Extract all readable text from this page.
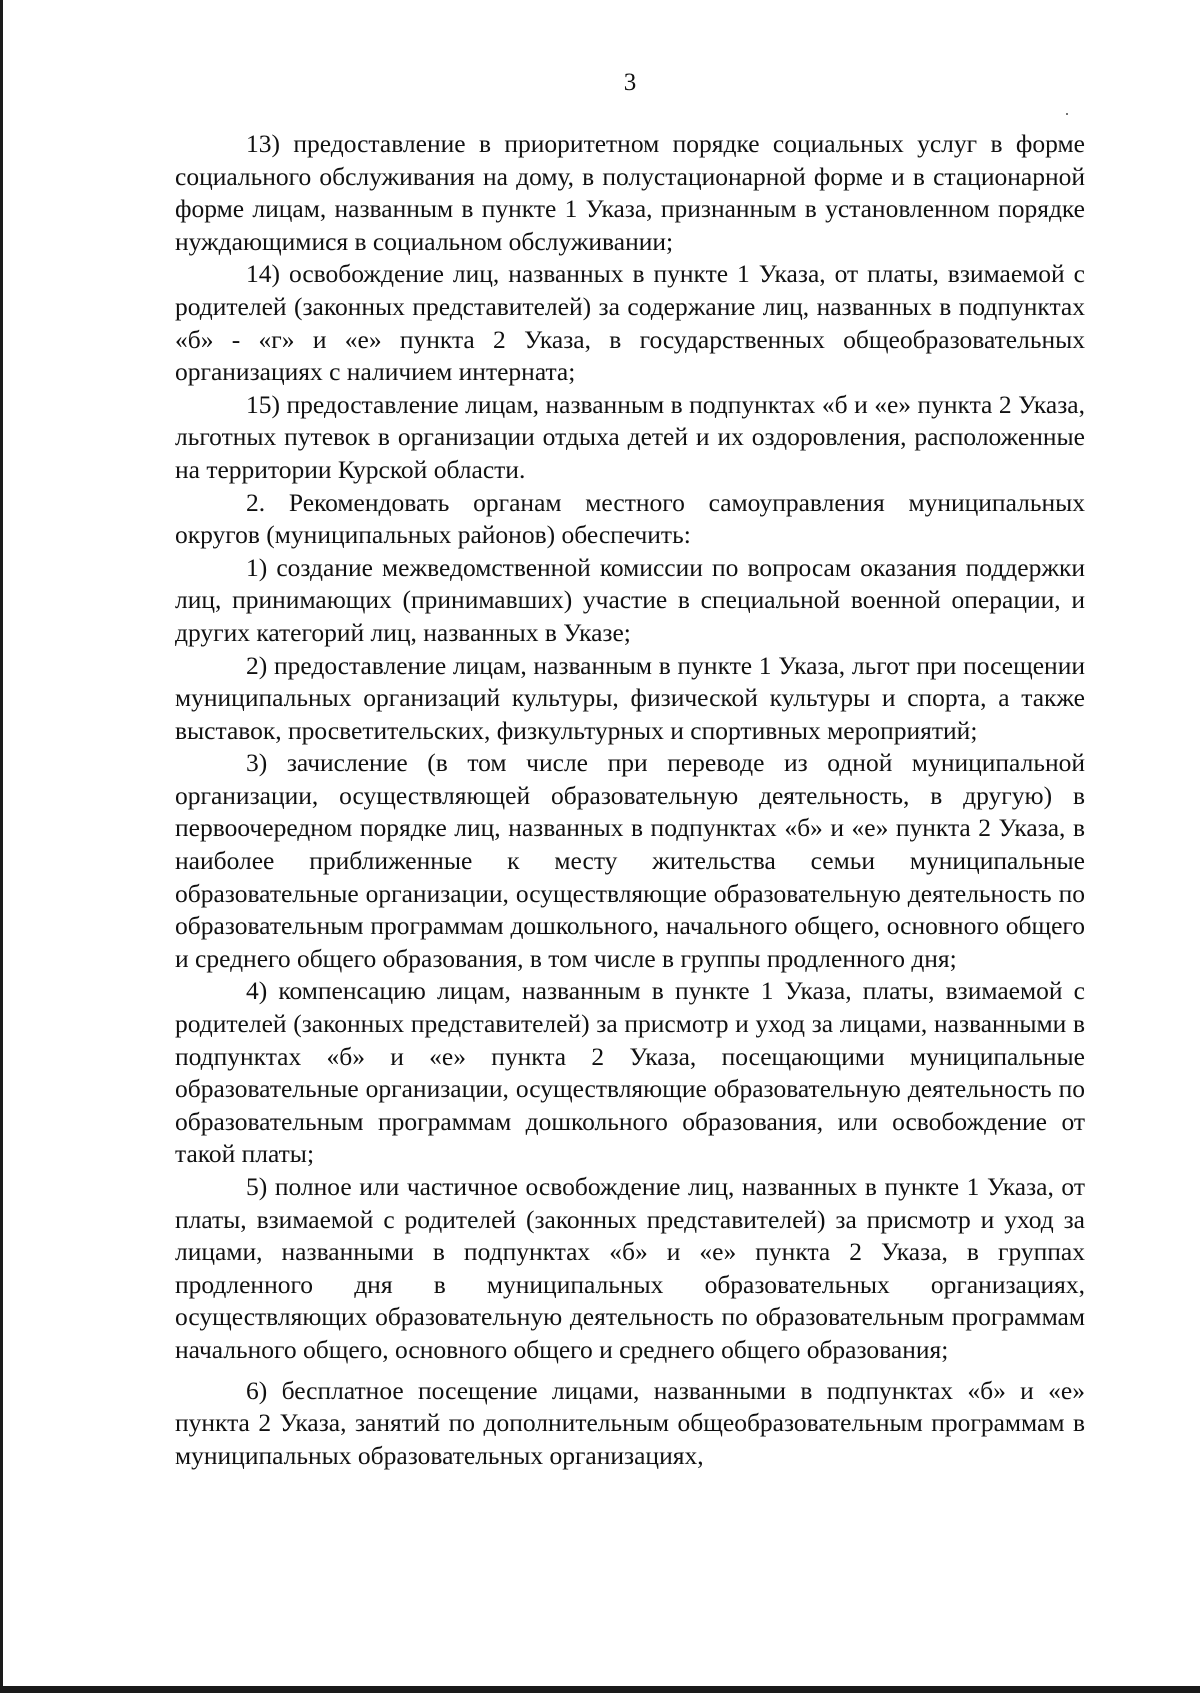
3

13) предоставление в приоритетном порядке социальных услуг в форме социального обслуживания на дому, в полустационарной форме и в стационарной форме лицам, названным в пункте 1 Указа, признанным в установленном порядке нуждающимися в социальном обслуживании;

14) освобождение лиц, названных в пункте 1 Указа, от платы, взимаемой с родителей (законных представителей) за содержание лиц, названных в подпунктах «б» - «г» и «е» пункта 2 Указа, в государственных общеобразовательных организациях с наличием интерната;

15) предоставление лицам, названным в подпунктах «б и «е» пункта 2 Указа, льготных путевок в организации отдыха детей и их оздоровления, расположенные на территории Курской области.

2. Рекомендовать органам местного самоуправления муниципальных округов (муниципальных районов) обеспечить:

1) создание межведомственной комиссии по вопросам оказания поддержки лиц, принимающих (принимавших) участие в специальной военной операции, и других категорий лиц, названных в Указе;

2) предоставление лицам, названным в пункте 1 Указа, льгот при посещении муниципальных организаций культуры, физической культуры и спорта, а также выставок, просветительских, физкультурных и спортивных мероприятий;

3) зачисление (в том числе при переводе из одной муниципальной организации, осуществляющей образовательную деятельность, в другую) в первоочередном порядке лиц, названных в подпунктах «б» и «е» пункта 2 Указа, в наиболее приближенные к месту жительства семьи муниципальные образовательные организации, осуществляющие образовательную деятельность по образовательным программам дошкольного, начального общего, основного общего и среднего общего образования, в том числе в группы продленного дня;

4) компенсацию лицам, названным в пункте 1 Указа, платы, взимаемой с родителей (законных представителей) за присмотр и уход за лицами, названными в подпунктах «б» и «е» пункта 2 Указа, посещающими муниципальные образовательные организации, осуществляющие образовательную деятельность по образовательным программам дошкольного образования, или освобождение от такой платы;

5) полное или частичное освобождение лиц, названных в пункте 1 Указа, от платы, взимаемой с родителей (законных представителей) за присмотр и уход за лицами, названными в подпунктах «б» и «е» пункта 2 Указа, в группах продленного дня в муниципальных образовательных организациях, осуществляющих образовательную деятельность по образовательным программам начального общего, основного общего и среднего общего образования;

6) бесплатное посещение лицами, названными в подпунктах «б» и «е» пункта 2 Указа, занятий по дополнительным общеобразовательным программам в муниципальных образовательных организациях,
